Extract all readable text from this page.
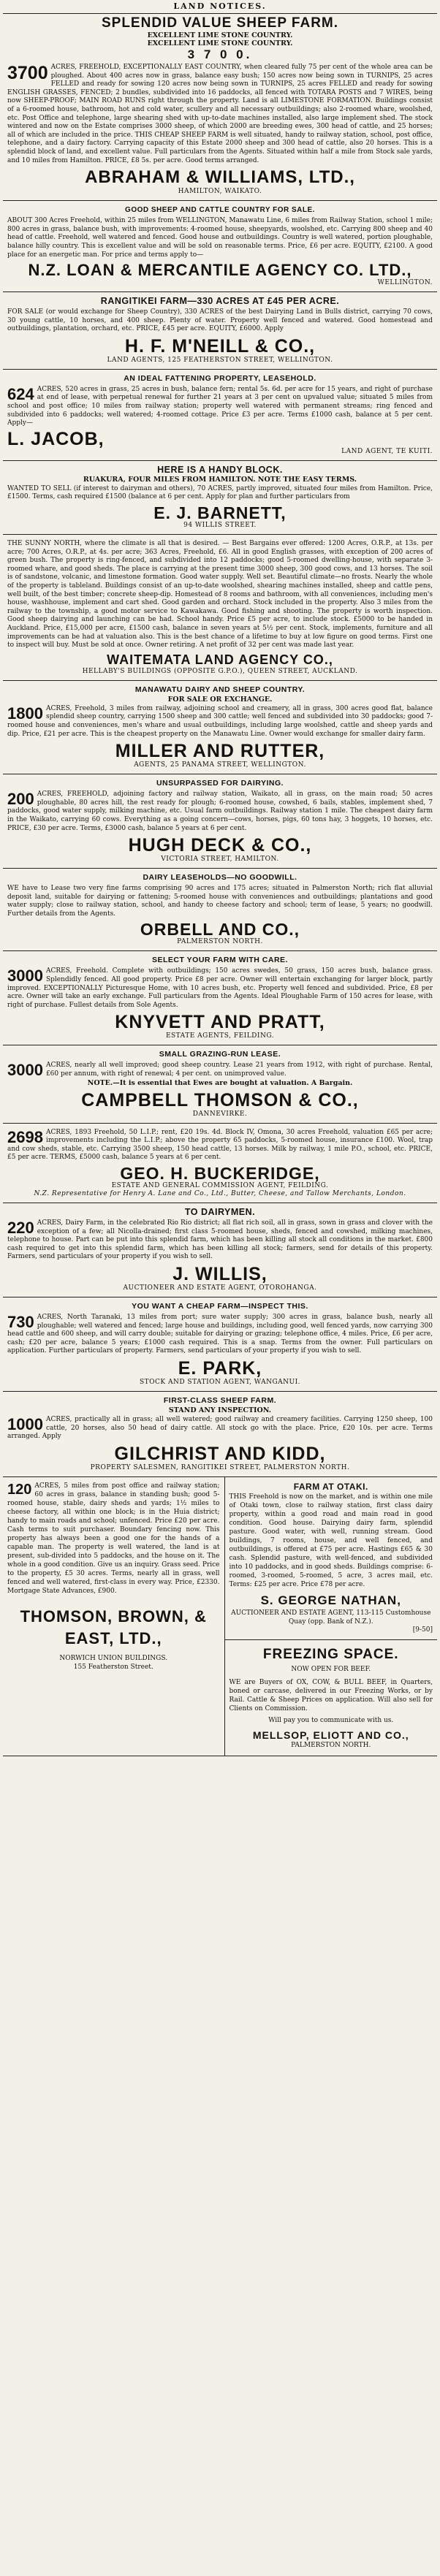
LAND NOTICES.
SPLENDID VALUE SHEEP FARM.
EXCELLENT LIME STONE COUNTRY.
EXCELLENT LIME STONE COUNTRY.
3 7 0 0.
3700 ACRES, FREEHOLD, EXCEPTIONALLY EAST COUNTRY, when cleared fully 75 per cent of the whole area can be ploughed. About 400 acres now in grass, balance easy bush; 150 acres now being sown in TURNIPS, 25 acres FELLED and ready for sowing 120 acres now being sown in TURNIPS, 25 acres FELLED and ready for sowing ENGLISH GRASSES, FENCED; 2 bundles, subdivided into 16 paddocks, all fenced with TOTARA POSTS and 7 WIRES, being now SHEEP-PROOF; MAIN ROAD RUNS right through the property. Land is all LIMESTONE FORMATION. Buildings consist of a 6-roomed house, bathroom, hot and cold water, scullery and all necessary outbuildings; also 2-roomed whare, woolshed, etc. Post Office and telephone, large shearing shed with up-to-date machines installed, also large implement shed. The stock wintered and now on the Estate comprises 3000 sheep, of which 2000 are breeding ewes, 300 head of cattle, and 25 horses; all of which are included in the price. THIS CHEAP SHEEP FARM is well situated, handy to railway station, school, post office, telephone, and a dairy factory. Carrying capacity of this Estate 2000 sheep and 300 head of cattle, also 20 horses. This is a splendid block of land, and excellent value. Full particulars from the Agents. Situated within half a mile from Stock sale yards, and 10 miles from Hamilton. PRICE, £8 5s. per acre. Good terms arranged.
ABRAHAM & WILLIAMS, LTD.,
HAMILTON, WAIKATO.
GOOD SHEEP AND CATTLE COUNTRY FOR SALE.
ABOUT 300 Acres Freehold, within 25 miles from WELLINGTON, Manawatu Line, 6 miles from Railway Station, school 1 mile; 800 acres in grass, balance bush, with improvements: 4-roomed house, sheepyards, woolshed, etc. Carrying 800 sheep and 40 head of cattle. Freehold, well watered and fenced. Good house and outbuildings. Country is well watered, portion ploughable, balance hilly country. This is excellent value and will be sold on reasonable terms. Price, £6 per acre. EQUITY, £2100. A good place for an energetic man. For price and terms apply to—
N.Z. LOAN & MERCANTILE AGENCY CO. LTD.,
WELLINGTON.
RANGITIKEI FARM—330 ACRES AT £45 PER ACRE.
FOR SALE (or would exchange for Sheep Country), 330 ACRES of the best Dairying Land in Bulls district, carrying 70 cows, 30 young cattle, 10 horses, and 400 sheep. Plenty of water. Property well fenced and watered. Good homestead and outbuildings, plantation, orchard, etc. PRICE, £45 per acre. EQUITY, £6000. Apply
H. F. M'NEILL & CO.,
LAND AGENTS, 125 FEATHERSTON STREET, WELLINGTON.
AN IDEAL FATTENING PROPERTY, LEASEHOLD.
624 ACRES, 520 acres in grass, 25 acres in bush, balance fern; rental 5s. 6d. per acre for 15 years, and right of purchase at end of lease, with perpetual renewal for further 21 years at 3 per cent on upvalued value; situated 5 miles from school and post office; 10 miles from railway station; property well watered with permanent streams; ring fenced and subdivided into 6 paddocks; well watered; 4-roomed cottage. Price £3 per acre. Terms £1000 cash, balance at 5 per cent. Apply—
L. JACOB,
LAND AGENT, TE KUITI.
HERE IS A HANDY BLOCK.
RUAKURA, FOUR MILES FROM HAMILTON. NOTE THE EASY TERMS.
WANTED TO SELL (if interest to dairyman and others), 70 ACRES, partly improved, situated four miles from Hamilton. Price, £1500. Terms, cash required £1500 (balance at 6 per cent. Apply for plan and further particulars from
E. J. BARNETT,
94 WILLIS STREET.
THE SUNNY NORTH, where the climate is all that is desired. — Best Bargains ever offered: 1200 Acres, O.R.P., at 13s. per acre; 700 Acres, O.R.P., at 4s. per acre; 363 Acres, Freehold, £6. All in good English grasses, with exception of 200 acres of green bush. The property is ring-fenced, and subdivided into 12 paddocks; good 5-roomed dwelling-house, with separate 3-roomed whare, and good sheds. The place is carrying at the present time 3000 sheep, 300 good cows, and 13 horses. The soil is of sandstone, volcanic, and limestone formation. Good water supply. Well set. Beautiful climate—no frosts. Nearly the whole of the property is tableland. Buildings consist of an up-to-date woolshed, shearing machines installed, sheep and cattle pens, well built, of the best timber; concrete sheep-dip. Homestead of 8 rooms and bathroom, with all conveniences, including men's house, washhouse, implement and cart shed. Good garden and orchard. Stock included in the property. Also 3 miles from the railway to the township, a good motor service to Kawakawa. Good fishing and shooting. The property is worth inspection. Good sheep dairying and launching can be had. School handy. Price £5 per acre, to include stock. £5000 to be handed in Auckland. Price, £15,000 per acre, £1500 cash, balance in seven years at 5½ per cent. Stock, implements, furniture and all improvements can be had at valuation also. This is the best chance of a lifetime to buy at low figure on good terms. First one to inspect will buy. Must be sold at once. Owner retiring. A net profit of 32 per cent was made last year.
WAITEMATA LAND AGENCY CO.,
HELLABY'S BUILDINGS (OPPOSITE G.P.O.), QUEEN STREET, AUCKLAND.
MANAWATU DAIRY AND SHEEP COUNTRY.
FOR SALE OR EXCHANGE.
1800 ACRES, Freehold, 3 miles from railway, adjoining school and creamery, all in grass, 300 acres good flat, balance splendid sheep country, carrying 1500 sheep and 300 cattle; well fenced and subdivided into 30 paddocks; good 7-roomed house and conveniences, men's whare and usual outbuildings, including large woolshed, cattle and sheep yards and dip. Price, £21 per acre. This is the cheapest property on the Manawatu Line. Owner would exchange for smaller dairy farm.
MILLER AND RUTTER,
AGENTS, 25 PANAMA STREET, WELLINGTON.
UNSURPASSED FOR DAIRYING.
200 ACRES, FREEHOLD, adjoining factory and railway station, Waikato, all in grass, on the main road; 50 acres ploughable, 80 acres hill, the rest ready for plough; 6-roomed house, cowshed, 6 bails, stables, implement shed, 7 paddocks, good water supply, milking machine, etc. Usual farm outbuildings. Railway station 1 mile. The cheapest dairy farm in the Waikato, carrying 60 cows. Everything as a going concern—cows, horses, pigs, 60 tons hay, 3 hoggets, 10 horses, etc. PRICE, £30 per acre. Terms, £3000 cash, balance 5 years at 6 per cent.
HUGH DECK & CO.,
VICTORIA STREET, HAMILTON.
DAIRY LEASEHOLDS—NO GOODWILL.
WE have to Lease two very fine farms comprising 90 acres and 175 acres; situated in Palmerston North; rich flat alluvial deposit land, suitable for dairying or fattening; 5-roomed house with conveniences and outbuildings; plantations and good water supply; close to railway station, school, and handy to cheese factory and school; term of lease, 5 years; no goodwill. Further details from the Agents.
ORBELL AND CO.,
PALMERSTON NORTH.
SELECT YOUR FARM WITH CARE.
3000 ACRES, Freehold. Complete with outbuildings; 150 acres swedes, 50 grass, 150 acres bush, balance grass. Splendidly fenced. All good property. Price £8 per acre. Owner will entertain exchanging for larger block, partly improved. EXCEPTIONALLY Picturesque Home, with 10 acres bush, etc. Property well fenced and subdivided. Price, £8 per acre. Owner will take an early exchange. Full particulars from the Agents. Ideal Ploughable Farm of 150 acres for lease, with right of purchase. Fullest details from Sole Agents.
KNYVETT AND PRATT,
ESTATE AGENTS, FEILDING.
SMALL GRAZING-RUN LEASE.
3000 ACRES, nearly all well improved; good sheep country. Lease 21 years from 1912, with right of purchase. Rental, £60 per annum, with right of renewal; 4 per cent. on unimproved value.
NOTE.—It is essential that Ewes are bought at valuation. A Bargain.
CAMPBELL THOMSON & CO.,
DANNEVIRKE.
2698 ACRES, 1893 Freehold, 50 L.I.P.; rent, £20 19s. 4d. Block IV, Omona, 30 acres Freehold, valuation £65 per acre; improvements including the L.I.P.; above the property 65 paddocks, 5-roomed house, insurance £100. Wool, trap and cow sheds, stable, etc. Carrying 3500 sheep, 150 head cattle, 13 horses. Milk by railway, 1 mile P.O., school, etc. PRICE, £5 per acre. TERMS, £5000 cash, balance 5 years at 6 per cent.
GEO. H. BUCKERIDGE,
ESTATE AND GENERAL COMMISSION AGENT, FEILDING.
N.Z. Representative for Henry A. Lane and Co., Ltd., Butter, Cheese, and Tallow Merchants, London.
TO DAIRYMEN.
220 ACRES, Dairy Farm, in the celebrated Rio Rio district; all flat rich soil, all in grass, sown in grass and clover with the exception of a few; all Nicolla-drained; first class 5-roomed house, sheds, fenced and cowshed, milking machines, telephone to house. Part can be put into this splendid farm, which has been killing all stock all conditions in the market. £800 cash required to get into this splendid farm, which has been killing all stock; farmers, send for details of this property. Farmers, send particulars of your property if you wish to sell.
J. WILLIS,
AUCTIONEER AND ESTATE AGENT, OTOROHANGA.
YOU WANT A CHEAP FARM—INSPECT THIS.
730 ACRES, North Taranaki, 13 miles from port; sure water supply; 300 acres in grass, balance bush, nearly all ploughable; well watered and fenced; large house and buildings, including good, well fenced yards, now carrying 300 head cattle and 600 sheep, and will carry double; suitable for dairying or grazing; telephone office, 4 miles. Price, £6 per acre, cash; £20 per acre, balance 5 years; £1000 cash required. This is a snap. Terms from the owner. Full particulars on application. Further particulars of property. Farmers, send particulars of your property if you wish to sell.
E. PARK,
STOCK AND STATION AGENT, WANGANUI.
FIRST-CLASS SHEEP FARM.
STAND ANY INSPECTION.
1000 ACRES, practically all in grass; all well watered; good railway and creamery facilities. Carrying 1250 sheep, 100 cattle, 20 horses, also 50 head of dairy cattle. All stock go with the place. Price, £20 10s. per acre. Terms arranged. Apply
GILCHRIST AND KIDD,
PROPERTY SALESMEN, RANGITIKEI STREET, PALMERSTON NORTH.
120 ACRES, 5 miles from post office and railway station; 60 acres in grass, balance in standing bush; good 5-roomed house, stable, dairy sheds and yards; 1½ miles to cheese factory, all within one block; is in the Huia district; handy to main roads and school; unfenced. Price £20 per acre. Cash terms to suit purchaser. Boundary fencing now. This property has always been a good one for the hands of a capable man. The property is well watered, the land is at present, sub-divided into 5 paddocks, and the house on it. The whole in a good condition. Give us an inquiry. Grass seed. Price to the property, £5 30 acres. Terms, nearly all in grass, well fenced and well watered, first-class in every way. Price, £2330. Mortgage State Advances, £900.
THOMSON, BROWN, & EAST, LTD.,
NORWICH UNION BUILDINGS.
155 Featherston Street.
FARM AT OTAKI.
THIS Freehold is now on the market, and is within one mile of Otaki town, close to railway station, first class dairy property, within a good road and main road in good condition. Good house. Dairying dairy farm, splendid pasture. Good water, with well, running stream. Good buildings, 7 rooms, house, and well fenced, and outbuildings, is offered at £75 per acre. Hastings £65 & 30 cash. Splendid pasture, with well-fenced, and subdivided into 10 paddocks, and in good sheds. Buildings comprise: 6-roomed, 3-roomed, 5-roomed, 5 acre, 3 acres mail, etc. Terms: £25 per acre. Price £78 per acre.
S. GEORGE NATHAN,
AUCTIONEER AND ESTATE AGENT, 113-115 Customhouse Quay (opp. Bank of N.Z.).
[9-50]
FREEZING SPACE.
NOW OPEN FOR BEEF.
WE are Buyers of OX, COW, & BULL BEEF, in Quarters, boned or carcase, delivered in our Freezing Works, or by Rail. Cattle & Sheep Prices on application. Will also sell for Clients on Commission.
Will pay you to communicate with us.
MELLSOP, ELIOTT AND CO.,
PALMERSTON NORTH.
